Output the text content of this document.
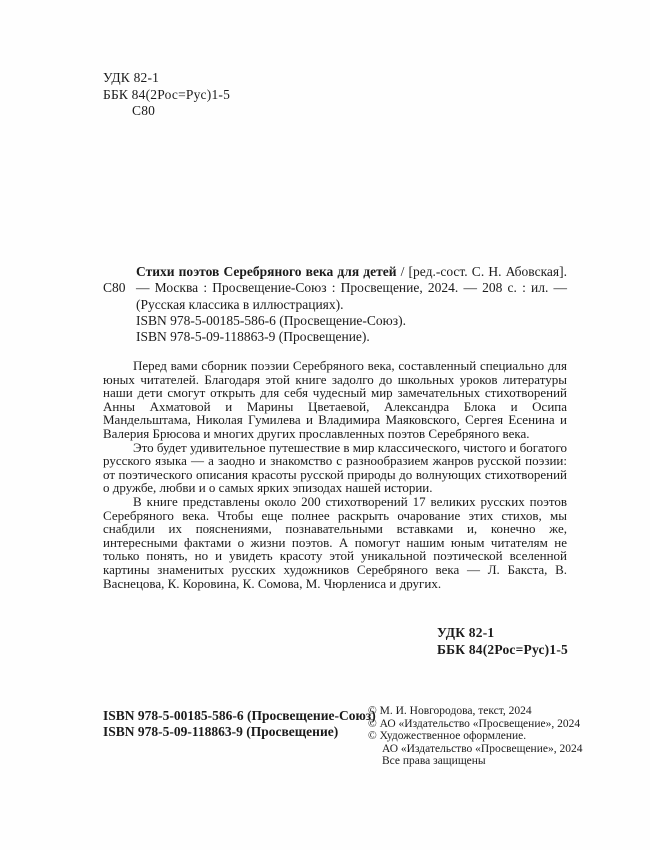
УДК 82-1
ББК 84(2Рос=Рус)1-5
С80
С80
Стихи поэтов Серебряного века для детей / [ред.-сост. С. Н. Абовская]. — Москва : Просвещение-Союз : Просвещение, 2024. — 208 с. : ил. — (Русская классика в иллюстрациях).
ISBN 978-5-00185-586-6 (Просвещение-Союз).
ISBN 978-5-09-118863-9 (Просвещение).

Перед вами сборник поэзии Серебряного века, составленный специально для юных читателей. Благодаря этой книге задолго до школьных уроков литературы наши дети смогут открыть для себя чудесный мир замечательных стихотворений Анны Ахматовой и Марины Цветаевой, Александра Блока и Осипа Мандельштама, Николая Гумилева и Владимира Маяковского, Сергея Есенина и Валерия Брюсова и многих других прославленных поэтов Серебряного века.

Это будет удивительное путешествие в мир классического, чистого и богатого русского языка — а заодно и знакомство с разнообразием жанров русской поэзии: от поэтического описания красоты русской природы до волнующих стихотворений о дружбе, любви и о самых ярких эпизодах нашей истории.

В книге представлены около 200 стихотворений 17 великих русских поэтов Серебряного века. Чтобы еще полнее раскрыть очарование этих стихов, мы снабдили их пояснениями, познавательными вставками и, конечно же, интересными фактами о жизни поэтов. А помогут нашим юным читателям не только понять, но и увидеть красоту этой уникальной поэтической вселенной картины знаменитых русских художников Серебряного века — Л. Бакста, В. Васнецова, К. Коровина, К. Сомова, М. Чюрлениса и других.

УДК 82-1
ББК 84(2Рос=Рус)1-5
ISBN 978-5-00185-586-6 (Просвещение-Союз)
ISBN 978-5-09-118863-9 (Просвещение)
© М. И. Новгородова, текст, 2024
© АО «Издательство «Просвещение», 2024
© Художественное оформление.
АО «Издательство «Просвещение», 2024
Все права защищены
